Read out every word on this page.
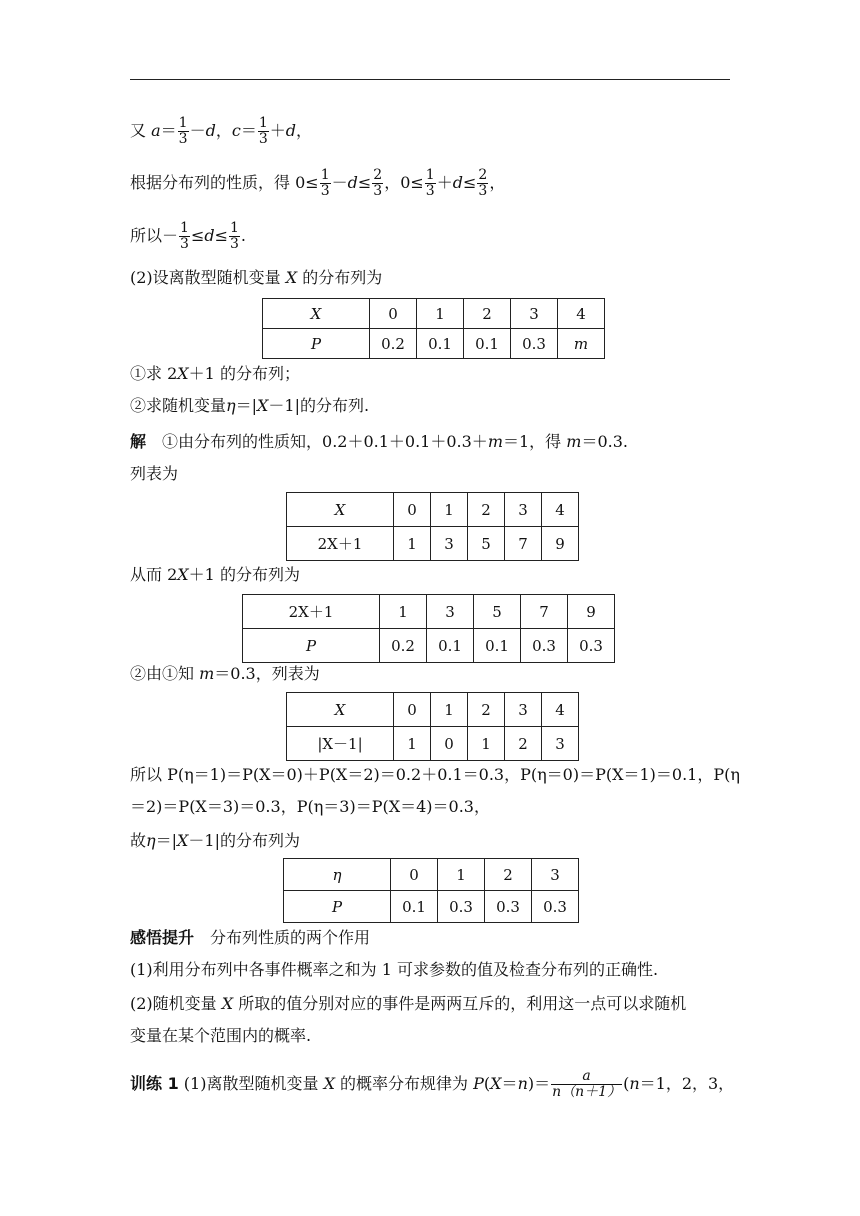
又 $a= \frac{1}{3} -d$，$c= \frac{1}{3} +d$，
根据分布列的性质，得 $0\le \frac{1}{3} -d\le \frac{2}{3}$ ，$0\le \frac{1}{3} +d\le \frac{2}{3}$ ，
所以－ $\frac{1}{3} \le d\le \frac{1}{3}$ .
(2)设离散型随机变量 X 的分布列为
X	0	1	2	3	4
P	0.2	0.1	0.1	0.3	m
①求 2X＋1 的分布列；
②求随机变量η＝|X－1|的分布列.
解　①由分布列的性质知，0.2＋0.1＋0.1＋0.3＋m＝1，得 m＝0.3.
列表为
X	0	1	2	3	4
2X＋1	1	3	5	7	9
从而 2X＋1 的分布列为
2X＋1	1	3	5	7	9
P	0.2	0.1	0.1	0.3	0.3
②由①知 m＝0.3，列表为
X	0	1	2	3	4
|X－1|	1	0	1	2	3
所以 P(η＝1)＝P(X＝0)＋P(X＝2)＝0.2＋0.1＝0.3，P(η＝0)＝P(X＝1)＝0.1，P(η
＝2)＝P(X＝3)＝0.3，P(η＝3)＝P(X＝4)＝0.3，
故η＝|X－1|的分布列为
η	0	1	2	3
P	0.1	0.3	0.3	0.3
感悟提升　分布列性质的两个作用
(1)利用分布列中各事件概率之和为 1 可求参数的值及检查分布列的正确性.
(2)随机变量 X 所取的值分别对应的事件是两两互斥的，利用这一点可以求随机
变量在某个范围内的概率.
训练 1 (1)离散型随机变量 X 的概率分布规律为 $P(X=n)= \frac{a}{n(n+1)} (n=1$，2，3，
